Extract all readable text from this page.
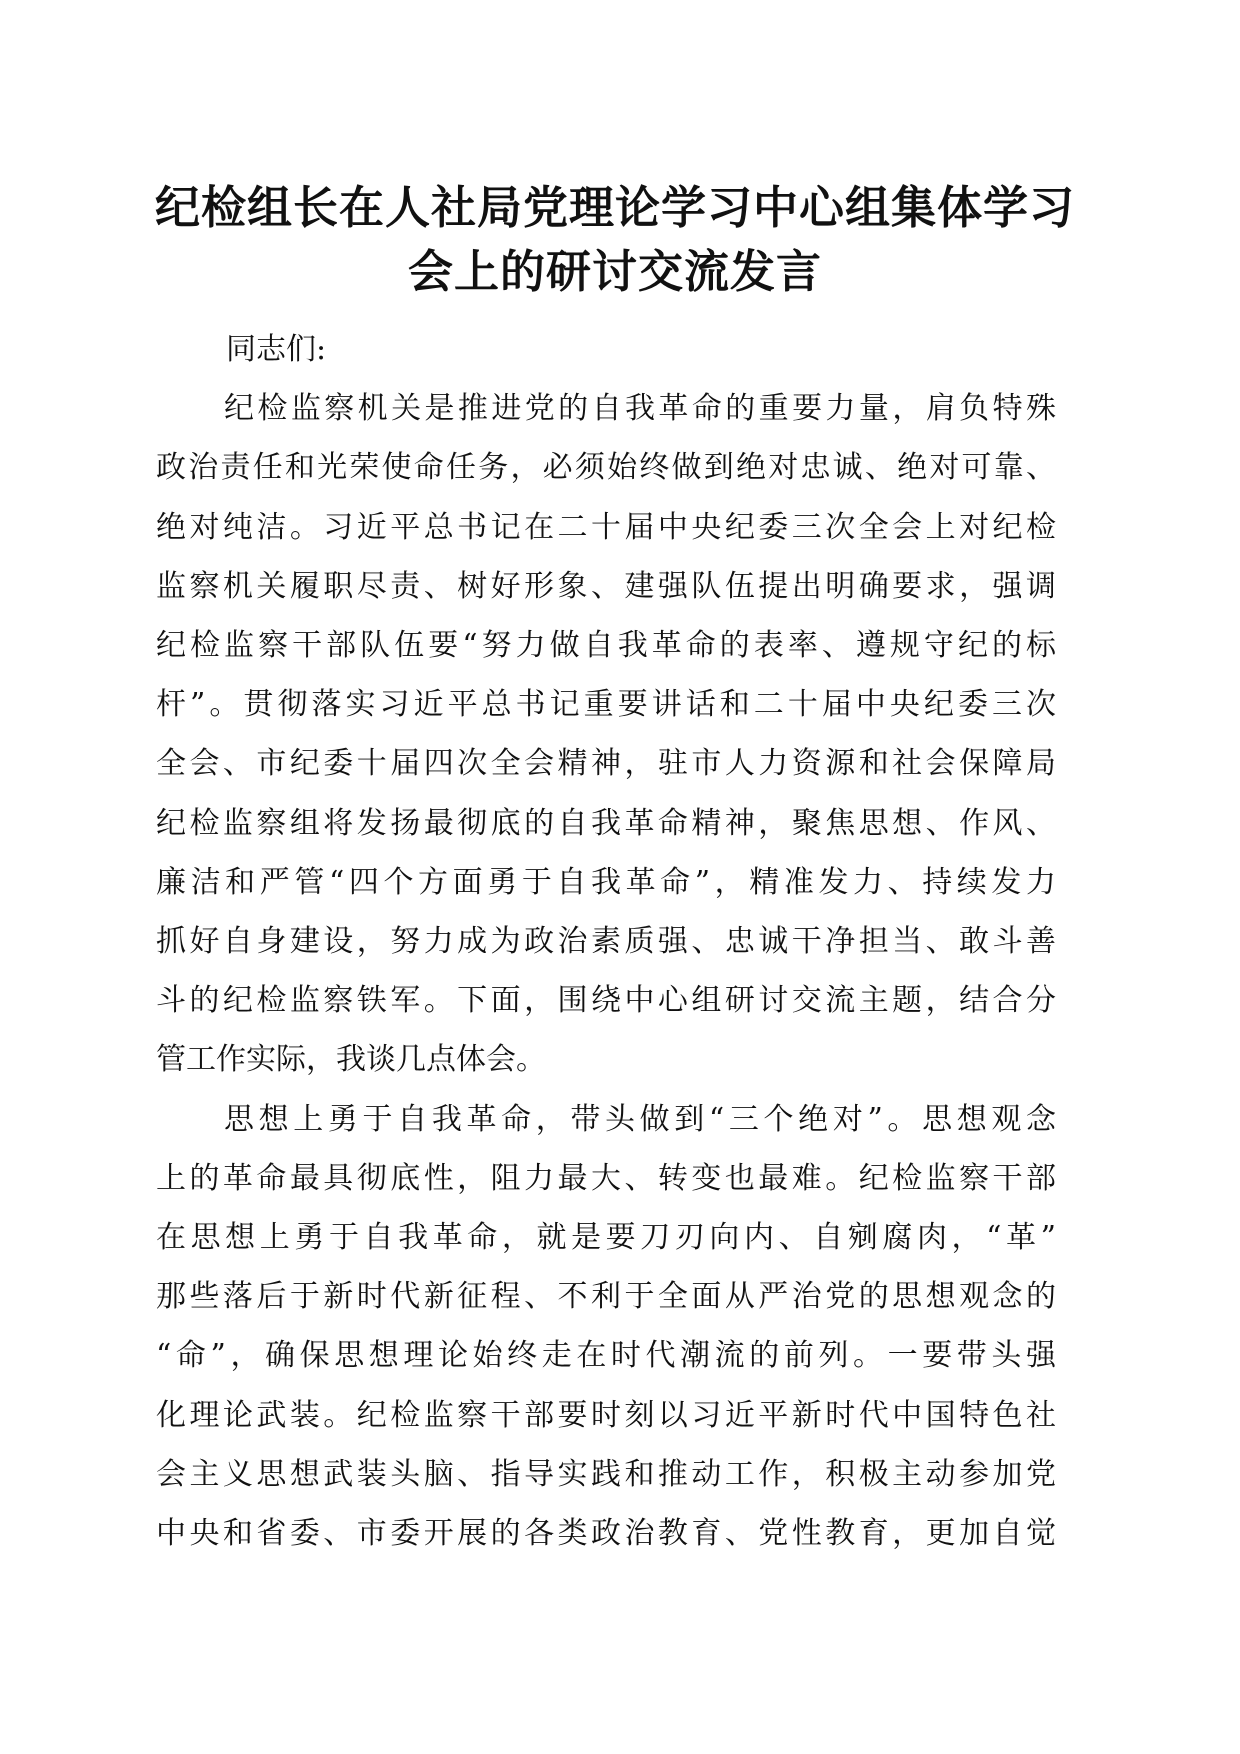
纪检组长在人社局党理论学习中心组集体学习
会上的研讨交流发言

同志们:

纪检监察机关是推进党的自我革命的重要力量，肩负特殊
政治责任和光荣使命任务，必须始终做到绝对忠诚、绝对可靠、
绝对纯洁。习近平总书记在二十届中央纪委三次全会上对纪检
监察机关履职尽责、树好形象、建强队伍提出明确要求，强调
纪检监察干部队伍要“努力做自我革命的表率、遵规守纪的标
杆”。贯彻落实习近平总书记重要讲话和二十届中央纪委三次
全会、市纪委十届四次全会精神，驻市人力资源和社会保障局
纪检监察组将发扬最彻底的自我革命精神，聚焦思想、作风、
廉洁和严管“四个方面勇于自我革命”，精准发力、持续发力
抓好自身建设，努力成为政治素质强、忠诚干净担当、敢斗善
斗的纪检监察铁军。下面，围绕中心组研讨交流主题，结合分
管工作实际，我谈几点体会。

思想上勇于自我革命，带头做到“三个绝对”。思想观念
上的革命最具彻底性，阻力最大、转变也最难。纪检监察干部
在思想上勇于自我革命，就是要刀刃向内、自剜腐肉，“革”
那些落后于新时代新征程、不利于全面从严治党的思想观念的
“命”，确保思想理论始终走在时代潮流的前列。一要带头强
化理论武装。纪检监察干部要时刻以习近平新时代中国特色社
会主义思想武装头脑、指导实践和推动工作，积极主动参加党
中央和省委、市委开展的各类政治教育、党性教育，更加自觉
